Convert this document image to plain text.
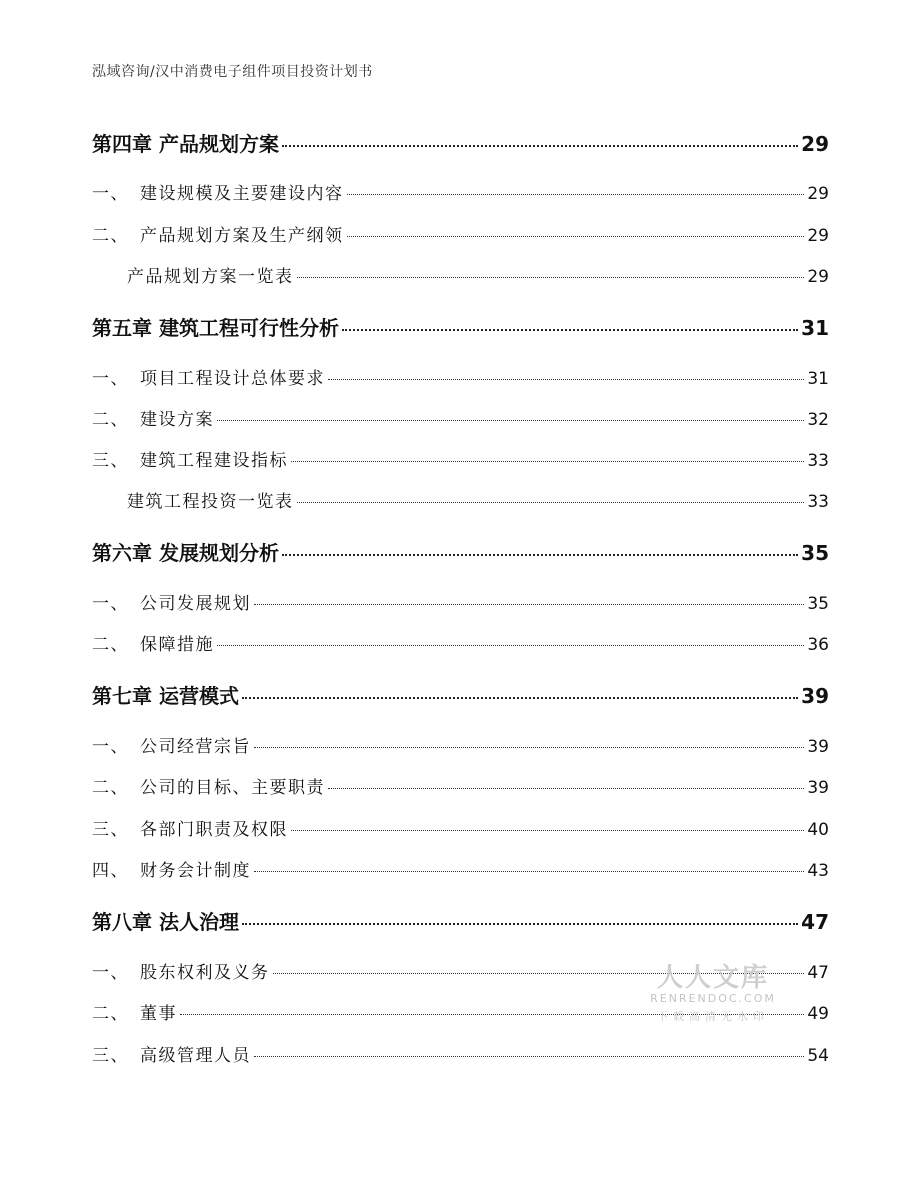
泓域咨询/汉中消费电子组件项目投资计划书
第四章 产品规划方案	29
一、 建设规模及主要建设内容	29
二、 产品规划方案及生产纲领	29
产品规划方案一览表	29
第五章 建筑工程可行性分析	31
一、 项目工程设计总体要求	31
二、 建设方案	32
三、 建筑工程建设指标	33
建筑工程投资一览表	33
第六章 发展规划分析	35
一、 公司发展规划	35
二、 保障措施	36
第七章 运营模式	39
一、 公司经营宗旨	39
二、 公司的目标、主要职责	39
三、 各部门职责及权限	40
四、 财务会计制度	43
第八章 法人治理	47
一、 股东权利及义务	47
二、 董事	49
三、 高级管理人员	54
人人文库
RENRENDOC.COM
下载高清无水印
